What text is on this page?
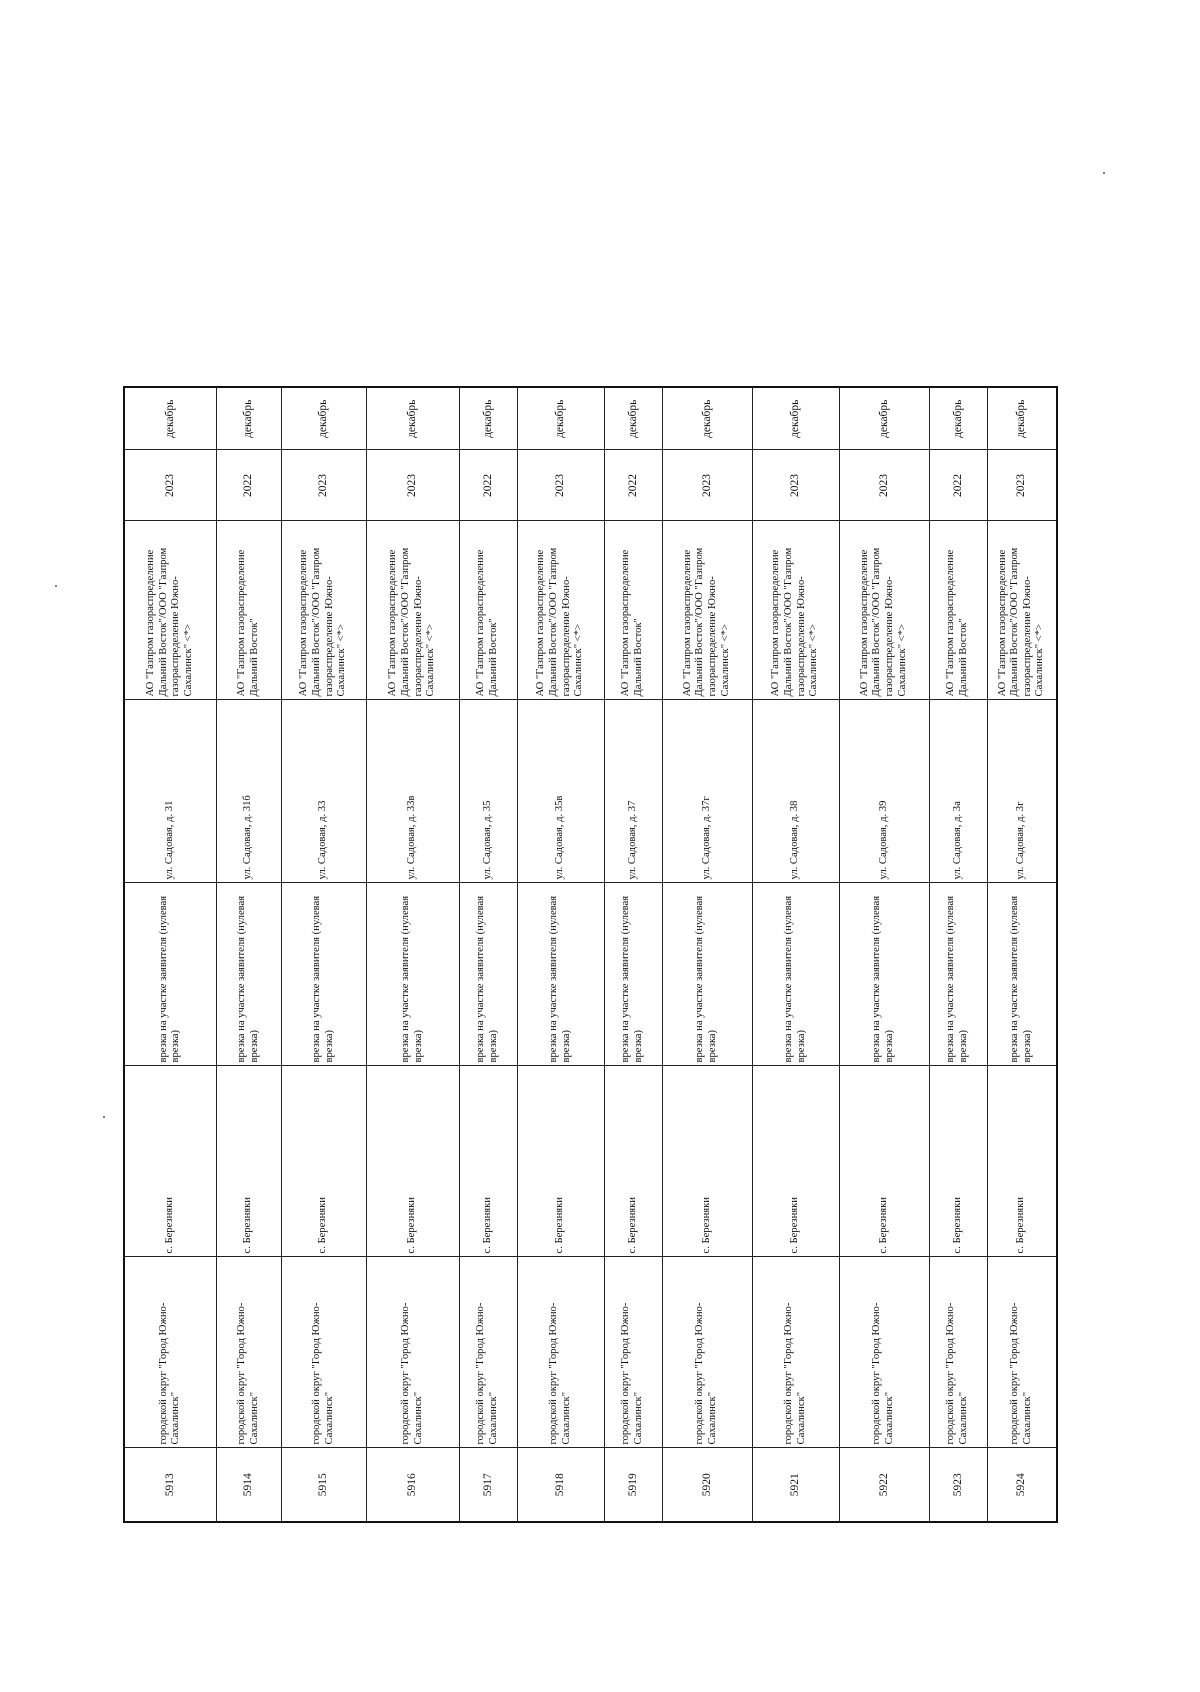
5913	городской округ "Город Южно-Сахалинск"	с. Березняки	врезка на участке заявителя (нулевая врезка)	ул. Садовая, д. 31	АО "Газпром газораспределение Дальний Восток"/ООО "Газпром газораспределение Южно-Сахалинск" <*>	2023	декабрь
5914	городской округ "Город Южно-Сахалинск"	с. Березняки	врезка на участке заявителя (нулевая врезка)	ул. Садовая, д. 31б	АО "Газпром газораспределение Дальний Восток"	2022	декабрь
5915	городской округ "Город Южно-Сахалинск"	с. Березняки	врезка на участке заявителя (нулевая врезка)	ул. Садовая, д. 33	АО "Газпром газораспределение Дальний Восток"/ООО "Газпром газораспределение Южно-Сахалинск" <*>	2023	декабрь
5916	городской округ "Город Южно-Сахалинск"	с. Березняки	врезка на участке заявителя (нулевая врезка)	ул. Садовая, д. 33в	АО "Газпром газораспределение Дальний Восток"/ООО "Газпром газораспределение Южно-Сахалинск" <*>	2023	декабрь
5917	городской округ "Город Южно-Сахалинск"	с. Березняки	врезка на участке заявителя (нулевая врезка)	ул. Садовая, д. 35	АО "Газпром газораспределение Дальний Восток"	2022	декабрь
5918	городской округ "Город Южно-Сахалинск"	с. Березняки	врезка на участке заявителя (нулевая врезка)	ул. Садовая, д. 35в	АО "Газпром газораспределение Дальний Восток"/ООО "Газпром газораспределение Южно-Сахалинск" <*>	2023	декабрь
5919	городской округ "Город Южно-Сахалинск"	с. Березняки	врезка на участке заявителя (нулевая врезка)	ул. Садовая, д. 37	АО "Газпром газораспределение Дальний Восток"	2022	декабрь
5920	городской округ "Город Южно-Сахалинск"	с. Березняки	врезка на участке заявителя (нулевая врезка)	ул. Садовая, д. 37г	АО "Газпром газораспределение Дальний Восток"/ООО "Газпром газораспределение Южно-Сахалинск" <*>	2023	декабрь
5921	городской округ "Город Южно-Сахалинск"	с. Березняки	врезка на участке заявителя (нулевая врезка)	ул. Садовая, д. 38	АО "Газпром газораспределение Дальний Восток"/ООО "Газпром газораспределение Южно-Сахалинск" <*>	2023	декабрь
5922	городской округ "Город Южно-Сахалинск"	с. Березняки	врезка на участке заявителя (нулевая врезка)	ул. Садовая, д. 39	АО "Газпром газораспределение Дальний Восток"/ООО "Газпром газораспределение Южно-Сахалинск" <*>	2023	декабрь
5923	городской округ "Город Южно-Сахалинск"	с. Березняки	врезка на участке заявителя (нулевая врезка)	ул. Садовая, д. 3а	АО "Газпром газораспределение Дальний Восток"	2022	декабрь
5924	городской округ "Город Южно-Сахалинск"	с. Березняки	врезка на участке заявителя (нулевая врезка)	ул. Садовая, д. 3г	АО "Газпром газораспределение Дальний Восток"/ООО "Газпром газораспределение Южно-Сахалинск" <*>	2023	декабрь
